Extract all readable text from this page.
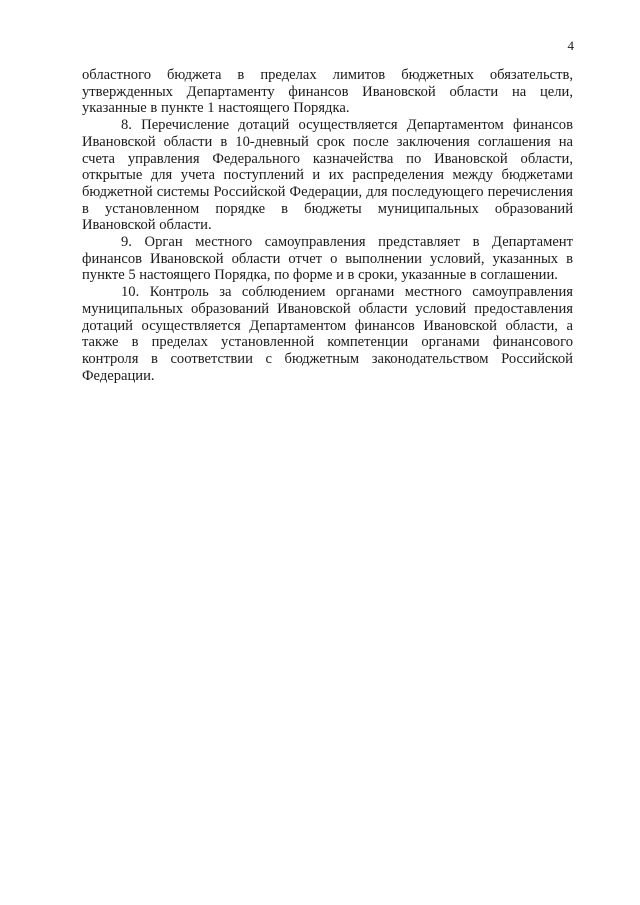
4

областного бюджета в пределах лимитов бюджетных обязательств, утвержденных Департаменту финансов Ивановской области на цели, указанные в пункте 1 настоящего Порядка.

8. Перечисление дотаций осуществляется Департаментом финансов Ивановской области в 10-дневный срок после заключения соглашения на счета управления Федерального казначейства по Ивановской области, открытые для учета поступлений и их распределения между бюджетами бюджетной системы Российской Федерации, для последующего перечисления в установленном порядке в бюджеты муниципальных образований Ивановской области.

9. Орган местного самоуправления представляет в Департамент финансов Ивановской области отчет о выполнении условий, указанных в пункте 5 настоящего Порядка, по форме и в сроки, указанные в соглашении.

10. Контроль за соблюдением органами местного самоуправления муниципальных образований Ивановской области условий предоставления дотаций осуществляется Департаментом финансов Ивановской области, а также в пределах установленной компетенции органами финансового контроля в соответствии с бюджетным законодательством Российской Федерации.
